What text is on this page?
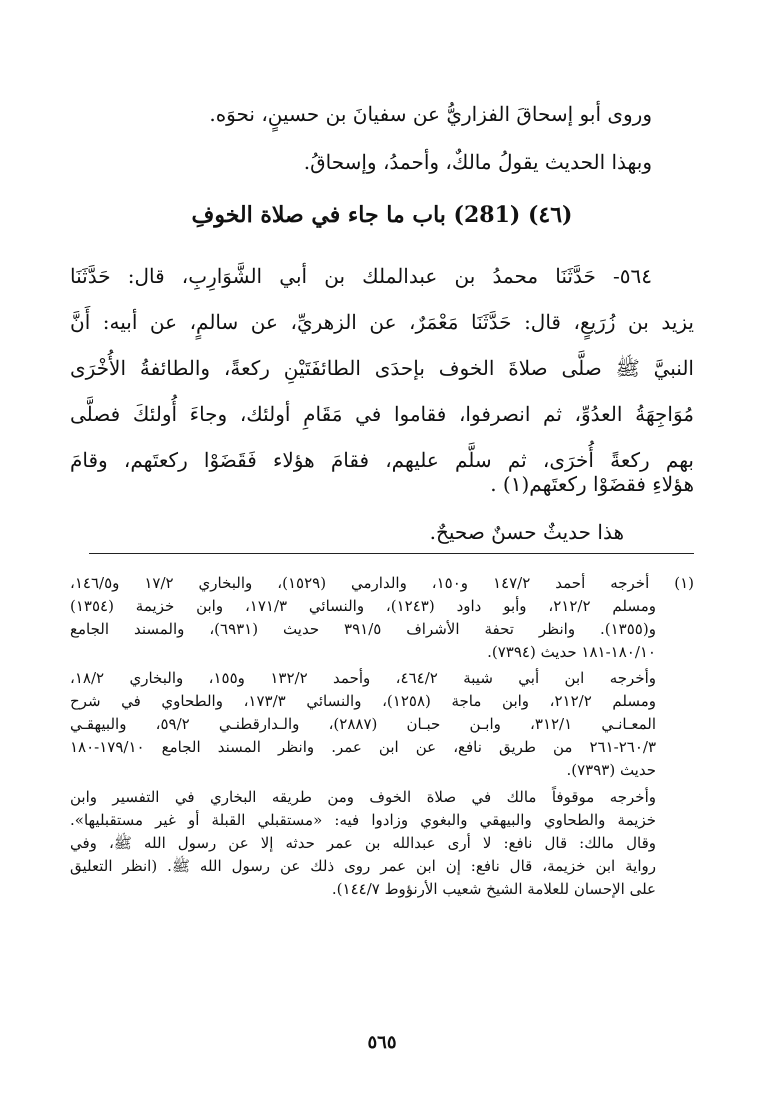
وروى أبو إسحاقَ الفزاريُّ عن سفيانَ بن حسينٍ، نحوَه.
وبهذا الحديث يقولُ مالكٌ، وأحمدُ، وإسحاقُ.
(٤٦) (281) باب ما جاء في صلاة الخوفِ
٥٦٤- حَدَّثَنَا محمدُ بن عبدالملك بن أبي الشَّوَارِبِ، قال: حَدَّثَنَا
يزيد بن زُرَيعٍ، قال: حَدَّثَنَا مَعْمَرٌ، عن الزهريِّ، عن سالمٍ، عن أبيه: أَنَّ
النبيَّ ﷺ صلَّى صلاةَ الخوف بإحدَى الطائفَتَيْنِ ركعةً، والطائفةُ الأُخْرَى
مُوَاجِهَةُ العدُوِّ، ثم انصرفوا، فقاموا في مَقَامِ أولئك، وجاءَ أُولئكَ فصلَّى
بهم ركعةً أُخرَى، ثم سلَّم عليهم، فقامَ هؤلاء فَقَضَوْا ركعتَهم، وقامَ
هؤلاءِ فقضَوْا ركعتَهم(١) .
هذا حديثٌ حسنٌ صحيحٌ.
(١) أخرجه أحمد ١٤٧/٢ و١٥٠، والدارمي (١٥٢٩)، والبخاري ١٧/٢ و١٤٦/٥،
ومسلم ٢١٢/٢، وأبو داود (١٢٤٣)، والنسائي ١٧١/٣، وابن خزيمة (١٣٥٤)
و(١٣٥٥). وانظر تحفة الأشراف ٣٩١/٥ حديث (٦٩٣١)، والمسند الجامع
١٨٠/١٠-١٨١ حديث (٧٣٩٤).
وأخرجه ابن أبي شيبة ٤٦٤/٢، وأحمد ١٣٢/٢ و١٥٥، والبخاري ١٨/٢،
ومسلم ٢١٢/٢، وابن ماجة (١٢٥٨)، والنسائي ١٧٣/٣، والطحاوي في شرح
المعـانـي ٣١٢/١، وابـن حبـان (٢٨٨٧)، والـدارقطنـي ٥٩/٢، والبيهقـي
٢٦٠/٣-٢٦١ من طريق نافع، عن ابن عمر. وانظر المسند الجامع ١٧٩/١٠-١٨٠
حديث (٧٣٩٣).
وأخرجه موقوفاً مالك في صلاة الخوف ومن طريقه البخاري في التفسير وابن
خزيمة والطحاوي والبيهقي والبغوي وزادوا فيه: «مستقبلي القبلة أو غير مستقبليها».
وقال مالك: قال نافع: لا أرى عبدالله بن عمر حدثه إلا عن رسول الله ﷺ، وفي
رواية ابن خزيمة، قال نافع: إن ابن عمر روى ذلك عن رسول الله ﷺ. (انظر التعليق
على الإحسان للعلامة الشيخ شعيب الأرنؤوط ١٤٤/٧).
٥٦٥
